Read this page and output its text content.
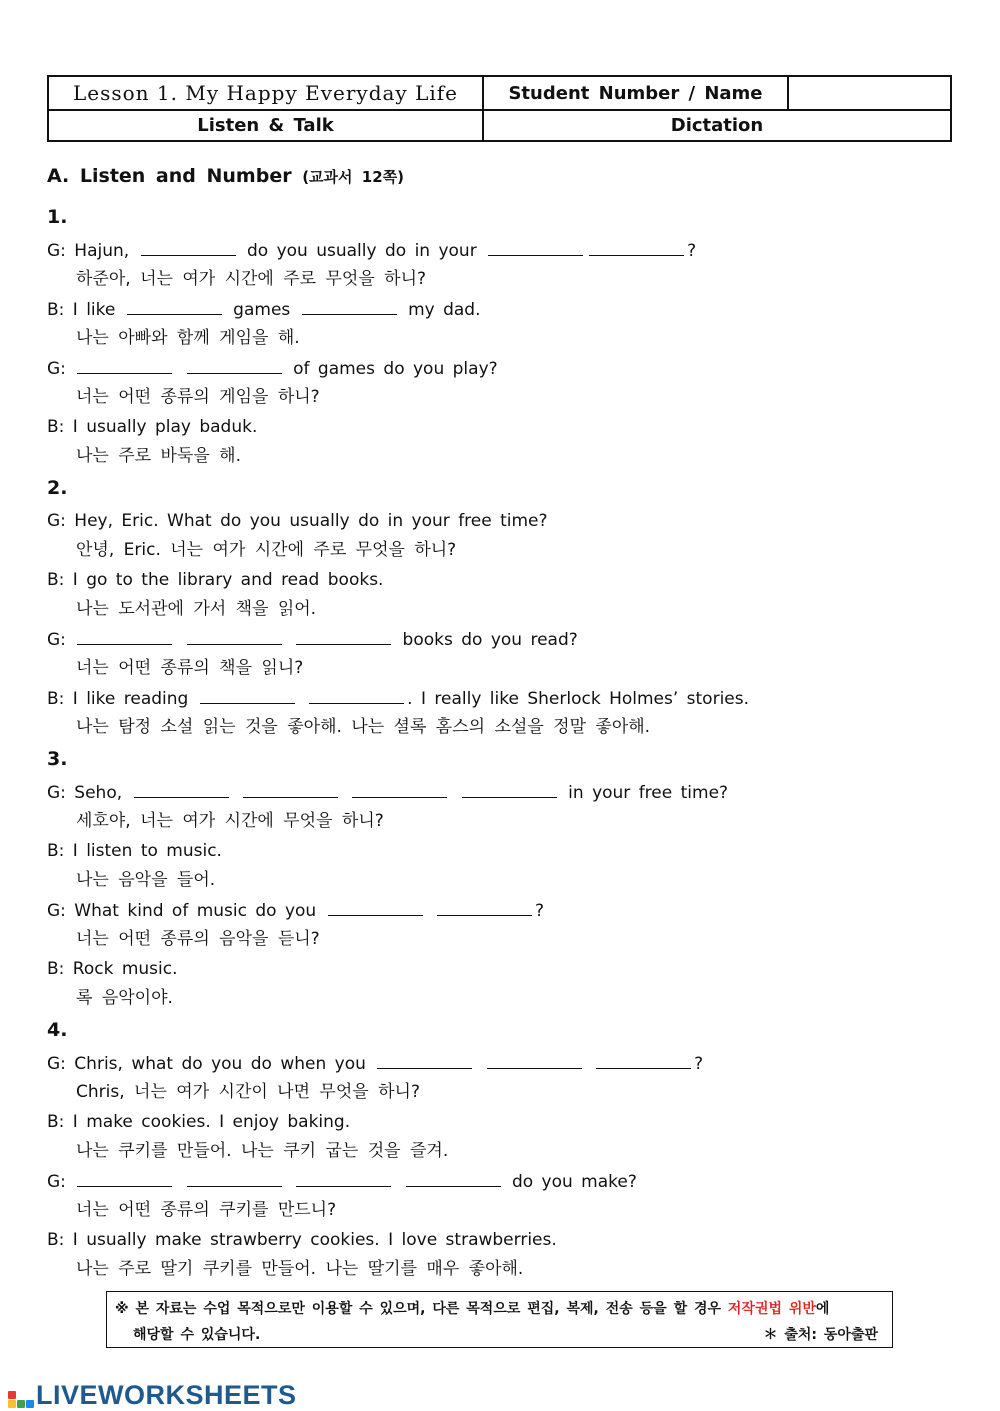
Lesson 1. My Happy Everyday Life	Student Number / Name
Listen & Talk	Dictation
A. Listen and Number (교과서 12쪽)
1.
G: Hajun,	do you usually do in your	?
하준아, 너는 여가 시간에 주로 무엇을 하니?
B: I like	games	my dad.
나는 아빠와 함께 게임을 해.
G:	of games do you play?
너는 어떤 종류의 게임을 하니?
B: I usually play baduk.
나는 주로 바둑을 해.
2.
G: Hey, Eric. What do you usually do in your free time?
안녕, Eric. 너는 여가 시간에 주로 무엇을 하니?
B: I go to the library and read books.
나는 도서관에 가서 책을 읽어.
G:	books do you read?
너는 어떤 종류의 책을 읽니?
B: I like reading	. I really like Sherlock Holmes’ stories.
나는 탐정 소설 읽는 것을 좋아해. 나는 셜록 홈스의 소설을 정말 좋아해.
3.
G: Seho,	in your free time?
세호야, 너는 여가 시간에 무엇을 하니?
B: I listen to music.
나는 음악을 들어.
G: What kind of music do you	?
너는 어떤 종류의 음악을 듣니?
B: Rock music.
록 음악이야.
4.
G: Chris, what do you do when you	?
Chris, 너는 여가 시간이 나면 무엇을 하니?
B: I make cookies. I enjoy baking.
나는 쿠키를 만들어. 나는 쿠키 굽는 것을 즐겨.
G:	do you make?
너는 어떤 종류의 쿠키를 만드니?
B: I usually make strawberry cookies. I love strawberries.
나는 주로 딸기 쿠키를 만들어. 나는 딸기를 매우 좋아해.
※ 본 자료는 수업 목적으로만 이용할 수 있으며, 다른 목적으로 편집, 복제, 전송 등을 할 경우 저작권법 위반에
해당할 수 있습니다.	＊ 출처: 동아출판
LIVEWORKSHEETS
